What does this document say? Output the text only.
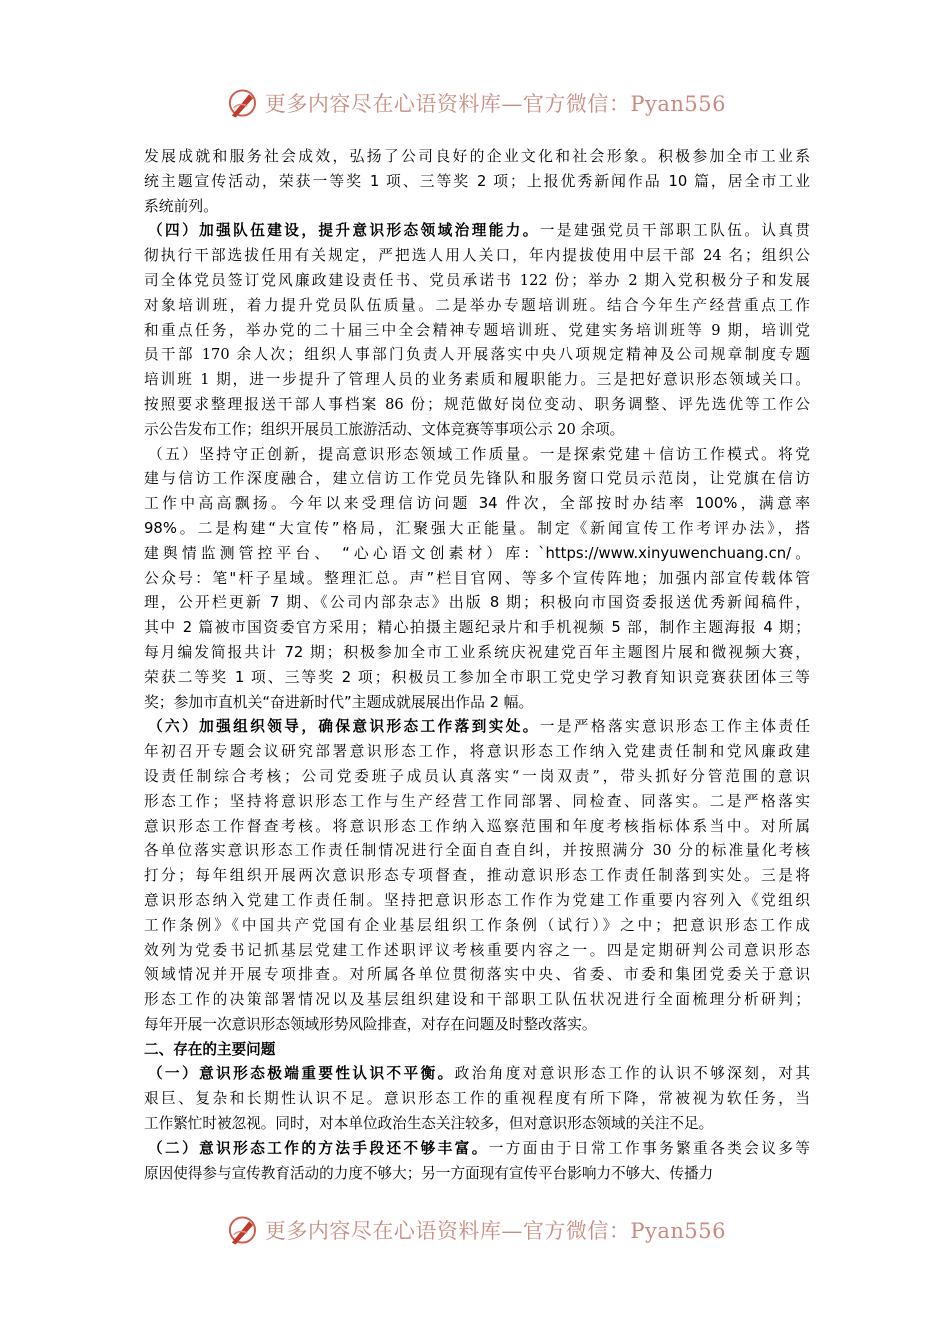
更多内容尽在心语资料库—官方微信：Pyan556
发展成就和服务社会成效，弘扬了公司良好的企业文化和社会形象。积极参加全市工业系
统主题宣传活动，荣获一等奖 1 项、三等奖 2 项；上报优秀新闻作品 10 篇，居全市工业
系统前列。
（四）加强队伍建设，提升意识形态领域治理能力。一是建强党员干部职工队伍。认真贯
彻执行干部选拔任用有关规定，严把选人用人关口，年内提拔使用中层干部 24 名；组织公
司全体党员签订党风廉政建设责任书、党员承诺书 122 份；举办 2 期入党积极分子和发展
对象培训班，着力提升党员队伍质量。二是举办专题培训班。结合今年生产经营重点工作
和重点任务，举办党的二十届三中全会精神专题培训班、党建实务培训班等 9 期，培训党
员干部 170 余人次；组织人事部门负责人开展落实中央八项规定精神及公司规章制度专题
培训班 1 期，进一步提升了管理人员的业务素质和履职能力。三是把好意识形态领域关口。
按照要求整理报送干部人事档案 86 份；规范做好岗位变动、职务调整、评先选优等工作公
示公告发布工作；组织开展员工旅游活动、文体竞赛等事项公示 20 余项。
（五）坚持守正创新，提高意识形态领域工作质量。一是探索党建＋信访工作模式。将党
建与信访工作深度融合，建立信访工作党员先锋队和服务窗口党员示范岗，让党旗在信访
工作中高高飘扬。今年以来受理信访问题 34 件次，全部按时办结率 100%，满意率
98%。二是构建“大宣传”格局，汇聚强大正能量。制定《新闻宣传工作考评办法》，搭
建舆情监测管控平台、 “心心语文创素材）库: `https://www.xinyuwenchuang.cn/。
公众号：笔"杆子星域。整理汇总。声”栏目官网、等多个宣传阵地；加强内部宣传载体管
理，公开栏更新 7 期、《公司内部杂志》出版 8 期；积极向市国资委报送优秀新闻稿件，
其中 2 篇被市国资委官方采用；精心拍摄主题纪录片和手机视频 5 部，制作主题海报 4 期；
每月编发简报共计 72 期；积极参加全市工业系统庆祝建党百年主题图片展和微视频大赛，
荣获二等奖 1 项、三等奖 2 项；积极员工参加全市职工党史学习教育知识竞赛获团体三等
奖；参加市直机关“奋进新时代”主题成就展展出作品 2 幅。
（六）加强组织领导，确保意识形态工作落到实处。一是严格落实意识形态工作主体责任
年初召开专题会议研究部署意识形态工作，将意识形态工作纳入党建责任制和党风廉政建
设责任制综合考核；公司党委班子成员认真落实“一岗双责”，带头抓好分管范围的意识
形态工作；坚持将意识形态工作与生产经营工作同部署、同检查、同落实。二是严格落实
意识形态工作督查考核。将意识形态工作纳入巡察范围和年度考核指标体系当中。对所属
各单位落实意识形态工作责任制情况进行全面自查自纠，并按照满分 30 分的标准量化考核
打分；每年组织开展两次意识形态专项督查，推动意识形态工作责任制落到实处。三是将
意识形态纳入党建工作责任制。坚持把意识形态工作作为党建工作重要内容列入《党组织
工作条例》《中国共产党国有企业基层组织工作条例（试行）》之中；把意识形态工作成
效列为党委书记抓基层党建工作述职评议考核重要内容之一。四是定期研判公司意识形态
领域情况并开展专项排查。对所属各单位贯彻落实中央、省委、市委和集团党委关于意识
形态工作的决策部署情况以及基层组织建设和干部职工队伍状况进行全面梳理分析研判；
每年开展一次意识形态领域形势风险排查，对存在问题及时整改落实。
二、存在的主要问题
（一）意识形态极端重要性认识不平衡。政治角度对意识形态工作的认识不够深刻，对其
艰巨、复杂和长期性认识不足。意识形态工作的重视程度有所下降，常被视为软任务，当
工作繁忙时被忽视。同时，对本单位政治生态关注较多，但对意识形态领域的关注不足。
（二）意识形态工作的方法手段还不够丰富。一方面由于日常工作事务繁重各类会议多等
原因使得参与宣传教育活动的力度不够大；另一方面现有宣传平台影响力不够大、传播力
更多内容尽在心语资料库—官方微信：Pyan556
